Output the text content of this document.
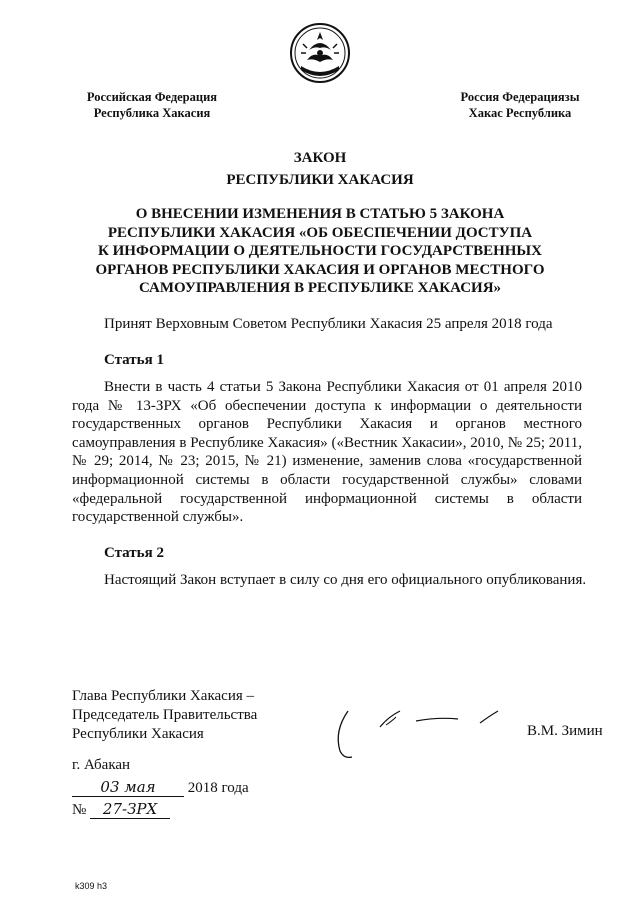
Российская Федерация
Республика Хакасия
Россия Федерациязы
Хакас Республика
ЗАКОН
РЕСПУБЛИКИ ХАКАСИЯ
О ВНЕСЕНИИ ИЗМЕНЕНИЯ В СТАТЬЮ 5 ЗАКОНА
РЕСПУБЛИКИ ХАКАСИЯ «ОБ ОБЕСПЕЧЕНИИ ДОСТУПА
К ИНФОРМАЦИИ О ДЕЯТЕЛЬНОСТИ ГОСУДАРСТВЕННЫХ
ОРГАНОВ РЕСПУБЛИКИ ХАКАСИЯ И ОРГАНОВ МЕСТНОГО
САМОУПРАВЛЕНИЯ В РЕСПУБЛИКЕ ХАКАСИЯ»
Принят Верховным Советом Республики Хакасия 25 апреля 2018 года
Статья 1
Внести в часть 4 статьи 5 Закона Республики Хакасия от 01 апреля 2010 года № 13-ЗРХ «Об обеспечении доступа к информации о деятельности государственных органов Республики Хакасия и органов местного самоуправления в Республике Хакасия» («Вестник Хакасии», 2010, № 25; 2011, № 29; 2014, № 23; 2015, № 21) изменение, заменив слова «государственной информационной системы в области государственной службы» словами «федеральной государственной информационной системы в области государственной службы».
Статья 2
Настоящий Закон вступает в силу со дня его официального опубликования.
Глава Республики Хакасия –
Председатель Правительства
Республики Хакасия	В.М. Зимин
г. Абакан
03 мая 2018 года
№ 27-ЗРХ
k309 h3
